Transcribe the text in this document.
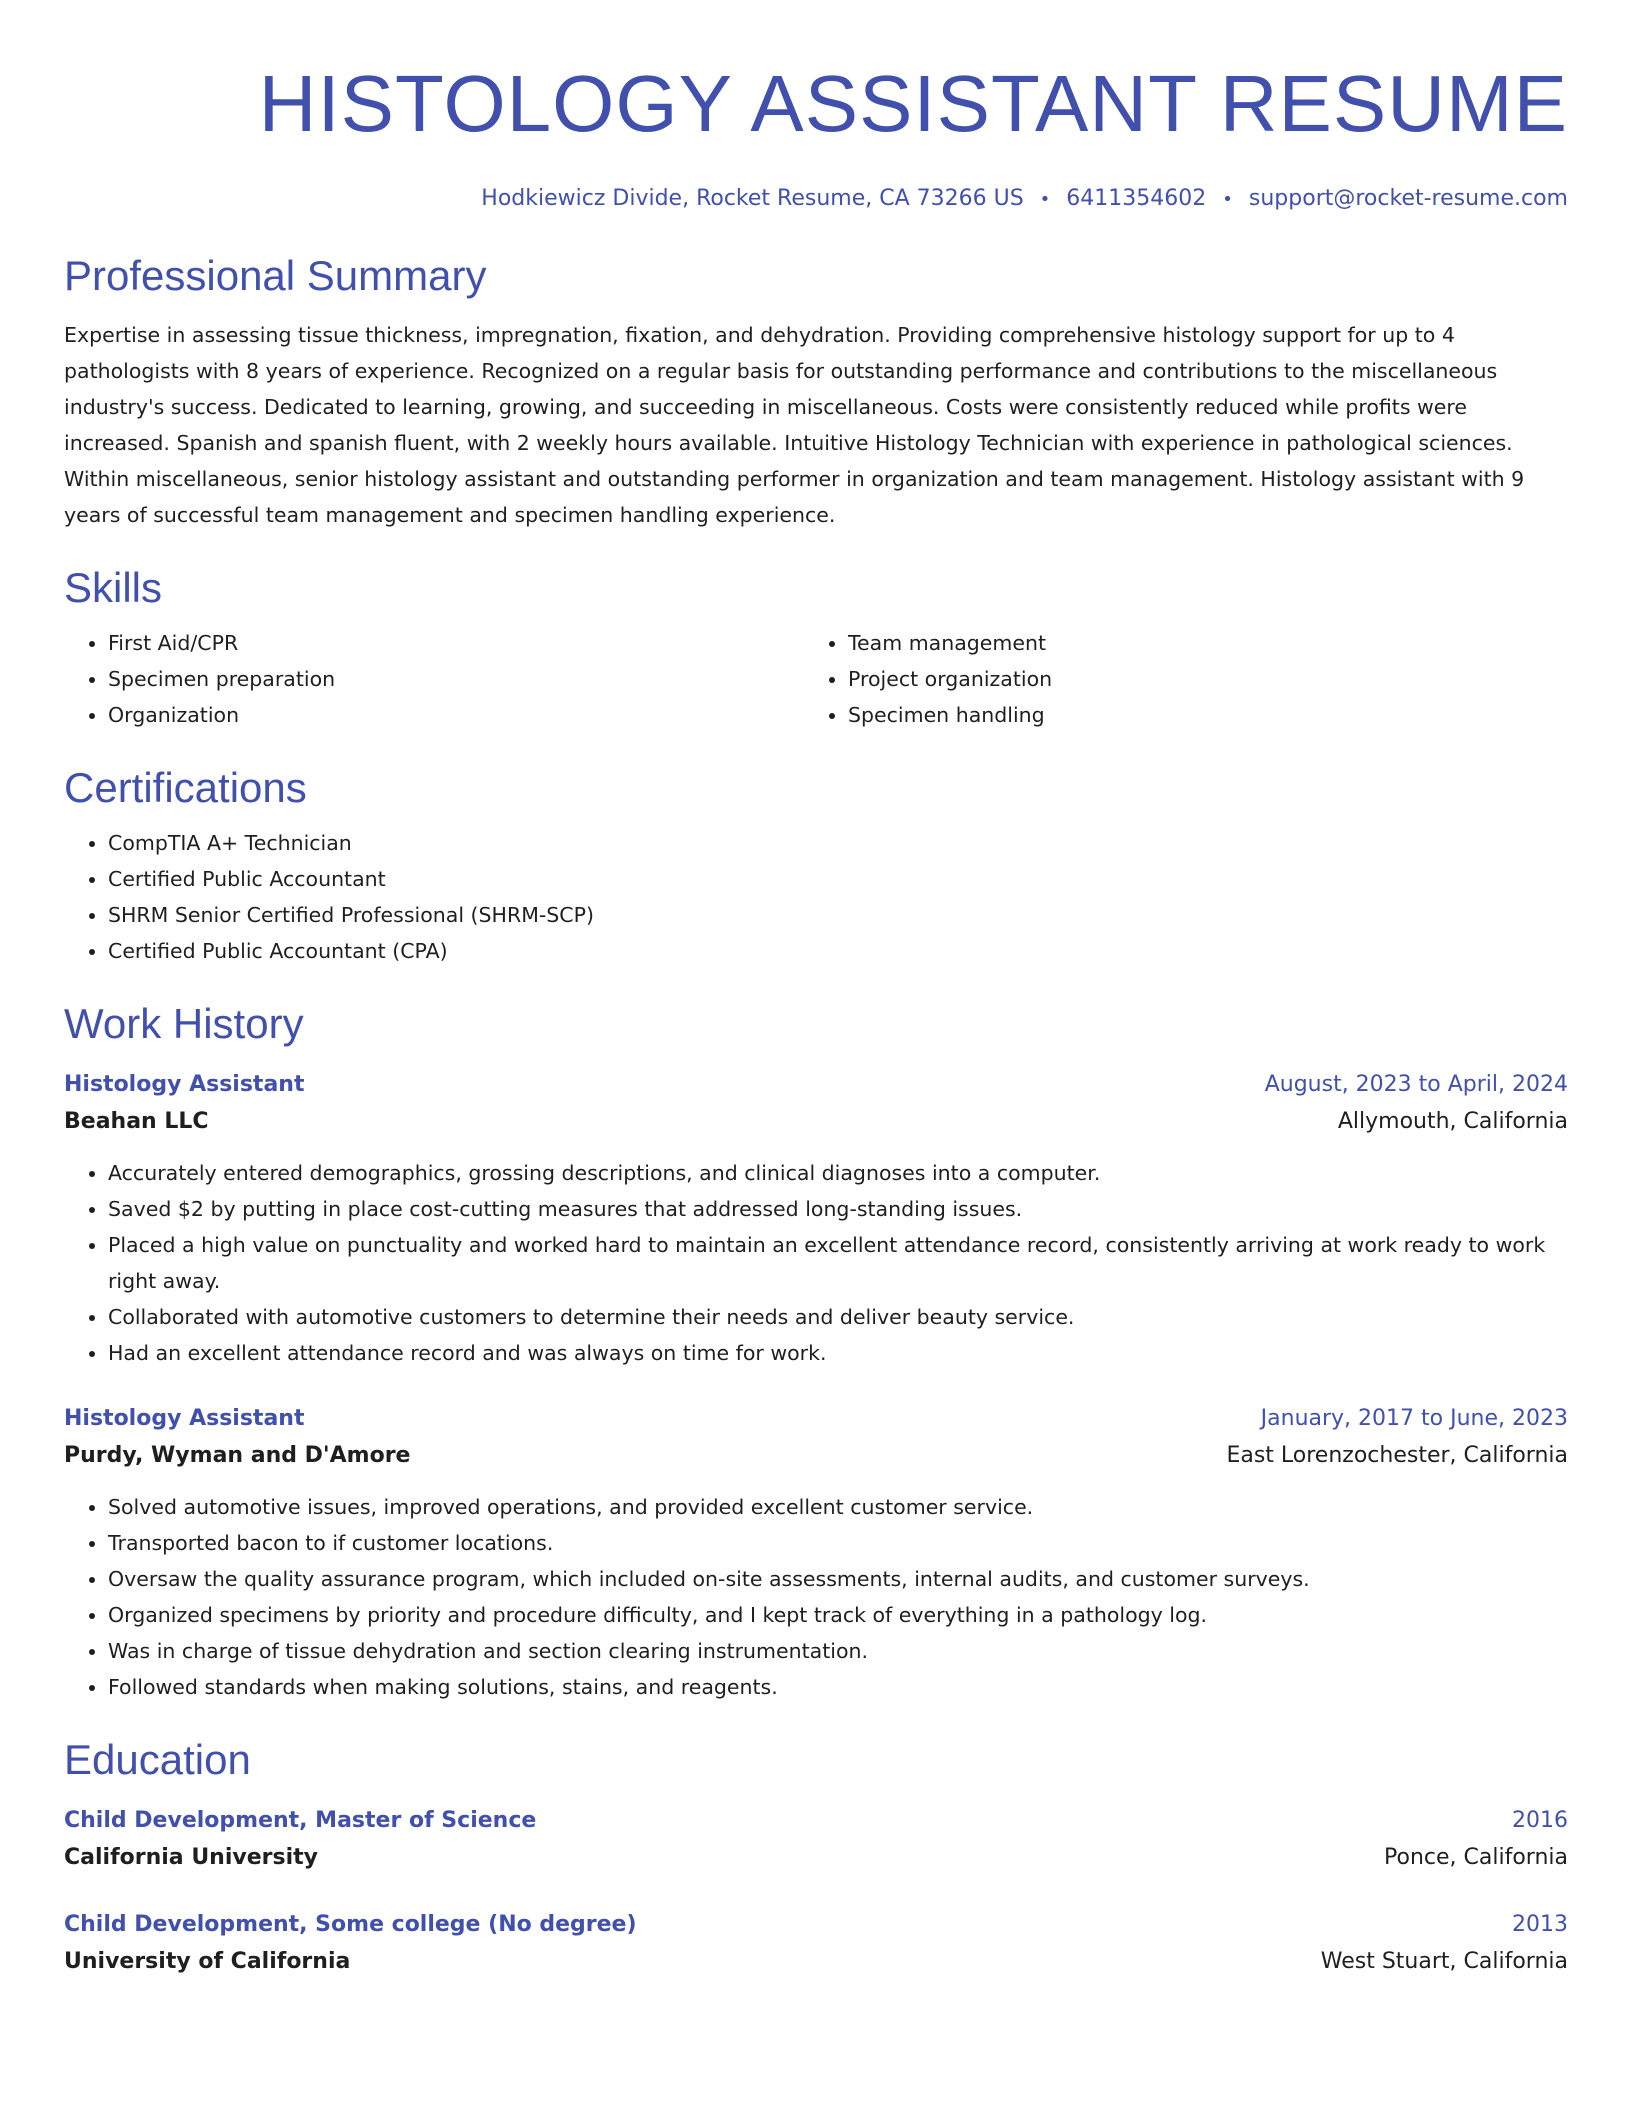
HISTOLOGY ASSISTANT RESUME
Hodkiewicz Divide, Rocket Resume, CA 73266 US • 6411354602 • support@rocket-resume.com
Professional Summary
Expertise in assessing tissue thickness, impregnation, fixation, and dehydration. Providing comprehensive histology support for up to 4 pathologists with 8 years of experience. Recognized on a regular basis for outstanding performance and contributions to the miscellaneous industry's success. Dedicated to learning, growing, and succeeding in miscellaneous. Costs were consistently reduced while profits were increased. Spanish and spanish fluent, with 2 weekly hours available. Intuitive Histology Technician with experience in pathological sciences. Within miscellaneous, senior histology assistant and outstanding performer in organization and team management. Histology assistant with 9 years of successful team management and specimen handling experience.
Skills
• First Aid/CPR
• Specimen preparation
• Organization
• Team management
• Project organization
• Specimen handling
Certifications
• CompTIA A+ Technician
• Certified Public Accountant
• SHRM Senior Certified Professional (SHRM-SCP)
• Certified Public Accountant (CPA)
Work History
Histology Assistant	August, 2023 to April, 2024
Beahan LLC	Allymouth, California
• Accurately entered demographics, grossing descriptions, and clinical diagnoses into a computer.
• Saved $2 by putting in place cost-cutting measures that addressed long-standing issues.
• Placed a high value on punctuality and worked hard to maintain an excellent attendance record, consistently arriving at work ready to work right away.
• Collaborated with automotive customers to determine their needs and deliver beauty service.
• Had an excellent attendance record and was always on time for work.
Histology Assistant	January, 2017 to June, 2023
Purdy, Wyman and D'Amore	East Lorenzochester, California
• Solved automotive issues, improved operations, and provided excellent customer service.
• Transported bacon to if customer locations.
• Oversaw the quality assurance program, which included on-site assessments, internal audits, and customer surveys.
• Organized specimens by priority and procedure difficulty, and I kept track of everything in a pathology log.
• Was in charge of tissue dehydration and section clearing instrumentation.
• Followed standards when making solutions, stains, and reagents.
Education
Child Development, Master of Science	2016
California University	Ponce, California
Child Development, Some college (No degree)	2013
University of California	West Stuart, California
